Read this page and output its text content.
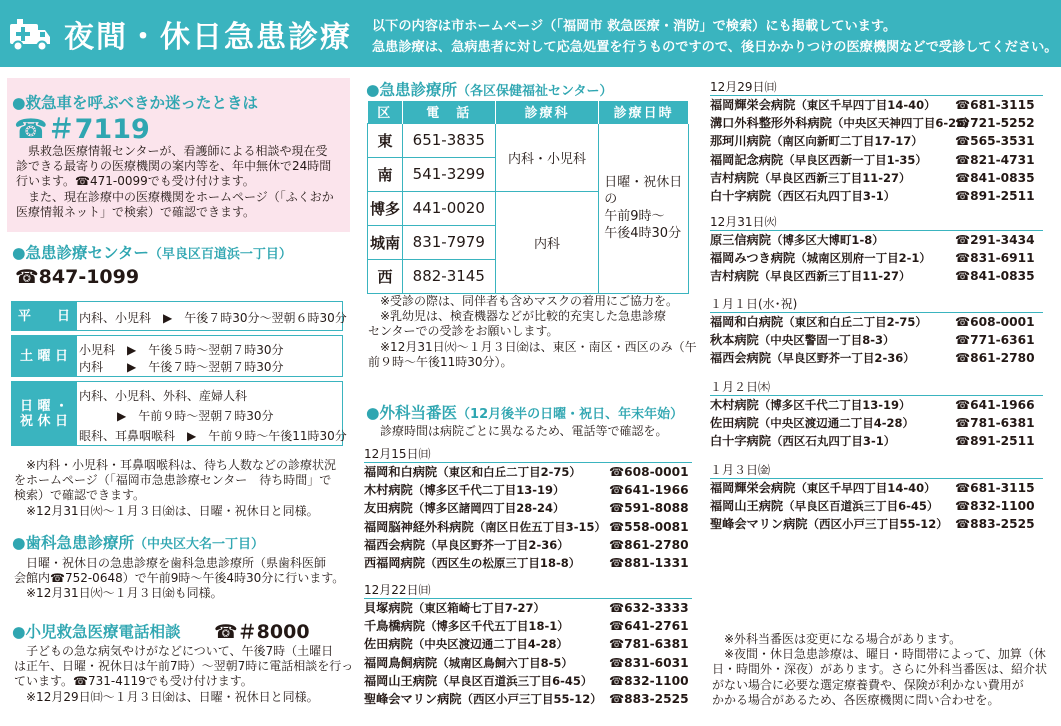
夜間・休日急患診療 以下の内容は市ホームページ（「福岡市 救急医療・消防」で検索）にも掲載しています。
急患診療は、急病患者に対して応急処置を行うものですので、後日かかりつけの医療機関などで受診してください。
●救急車を呼ぶべきか迷ったときは
☎＃7119
　県救急医療情報センターが、看護師による相談や現在受
診できる最寄りの医療機関の案内等を、年中無休で24時間
行います。☎471-0099でも受け付けます。
　また、現在診療中の医療機関をホームページ（「ふくおか
医療情報ネット」で検索）で確認できます。
●急患診療センター（早良区百道浜一丁目）
☎847-1099
平　　日 内科、小児科　▶　午後７時30分～翌朝６時30分
土 曜 日 小児科　▶　午後５時～翌朝７時30分
内科　　▶　午後７時～翌朝７時30分
日 曜 ・
祝 休 日
内科、小児科、外科、産婦人科
▶　午前９時～翌朝７時30分
眼科、耳鼻咽喉科　▶　午前９時～午後11時30分
　※内科・小児科・耳鼻咽喉科は、待ち人数などの診療状況
をホームページ（「福岡市急患診療センター　待ち時間」で
検索）で確認できます。
　※12月31日㈫～１月３日㈮は、日曜・祝休日と同様。
●歯科急患診療所（中央区大名一丁目）
　日曜・祝休日の急患診療を歯科急患診療所（県歯科医師
会館内☎752-0648）で午前9時～午後4時30分に行います。
　※12月31日㈫～１月３日㈮も同様。
●小児救急医療電話相談 ☎＃8000
　子どもの急な病気やけがなどについて、午後7時（土曜日
は正午、日曜・祝休日は午前7時）～翌朝7時に電話相談を行っ
ています。☎731-4119でも受け付けます。
　※12月29日㈰～１月３日㈮は、日曜・祝休日と同様。
●急患診療所（各区保健福祉センター）
区	電　話	診療科	診療日時
東	651-3835	内科・小児科	日曜・祝休日の
午前9時～
午後4時30分

南	541-3299		
博多	441-0020	内科	
城南	831-7979		
西	882-3145		
　※受診の際は、同伴者も含めマスクの着用にご協力を。
　※乳幼児は、検査機器などが比較的充実した急患診療
センターでの受診をお願いします。
　※12月31日㈫～１月３日㈮は、東区・南区・西区のみ（午
前９時～午後11時30分）。
●外科当番医（12月後半の日曜・祝日、年末年始）
　診療時間は病院ごとに異なるため、電話等で確認を。
12月15日㈰
福岡和白病院（東区和白丘二丁目2-75） ☎608-0001
木村病院（博多区千代二丁目13-19）	☎641-1966
友田病院（博多区諸岡四丁目28-24）	☎591-8088
福岡脳神経外科病院（南区日佐五丁目3-15） ☎558-0081
福西会病院（早良区野芥一丁目2-36）	☎861-2780
西福岡病院（西区生の松原三丁目18-8） ☎881-1331
12月22日㈰
貝塚病院（東区箱崎七丁目7-27）	☎632-3333
千鳥橋病院（博多区千代五丁目18-1）	☎641-2761
佐田病院（中央区渡辺通二丁目4-28）	☎781-6381
福岡鳥飼病院（城南区鳥飼六丁目8-5）	☎831-6031
福岡山王病院（早良区百道浜三丁目6-45） ☎832-1100
聖峰会マリン病院（西区小戸三丁目55-12） ☎883-2525
12月29日㈰
福岡輝栄会病院（東区千早四丁目14-40） ☎681-3115
溝口外科整形外科病院（中央区天神四丁目6-25）
☎721-5252
那珂川病院（南区向新町二丁目17-17）	☎565-3531
福岡記念病院（早良区西新一丁目1-35） ☎821-4731
吉村病院（早良区西新三丁目11-27）	☎841-0835
白十字病院（西区石丸四丁目3-1）	☎891-2511
12月31日㈫
原三信病院（博多区大博町1-8）	☎291-3434
福岡みつき病院（城南区別府一丁目2-1） ☎831-6911
吉村病院（早良区西新三丁目11-27）	☎841-0835
１月１日(水･祝)
福岡和白病院（東区和白丘二丁目2-75） ☎608-0001
秋本病院（中央区警固一丁目8-3）	☎771-6361
福西会病院（早良区野芥一丁目2-36）	☎861-2780
１月２日㈭
木村病院（博多区千代二丁目13-19）	☎641-1966
佐田病院（中央区渡辺通二丁目4-28）	☎781-6381
白十字病院（西区石丸四丁目3-1）	☎891-2511
１月３日㈮
福岡輝栄会病院（東区千早四丁目14-40） ☎681-3115
福岡山王病院（早良区百道浜三丁目6-45） ☎832-1100
聖峰会マリン病院（西区小戸三丁目55-12） ☎883-2525
　※外科当番医は変更になる場合があります。
　※夜間・休日急患診療は、曜日・時間帯によって、加算（休
日・時間外・深夜）があります。さらに外科当番医は、紹介状
がない場合に必要な選定療養費や、保険が利かない費用が
かかる場合があるため、各医療機関に問い合わせを。
